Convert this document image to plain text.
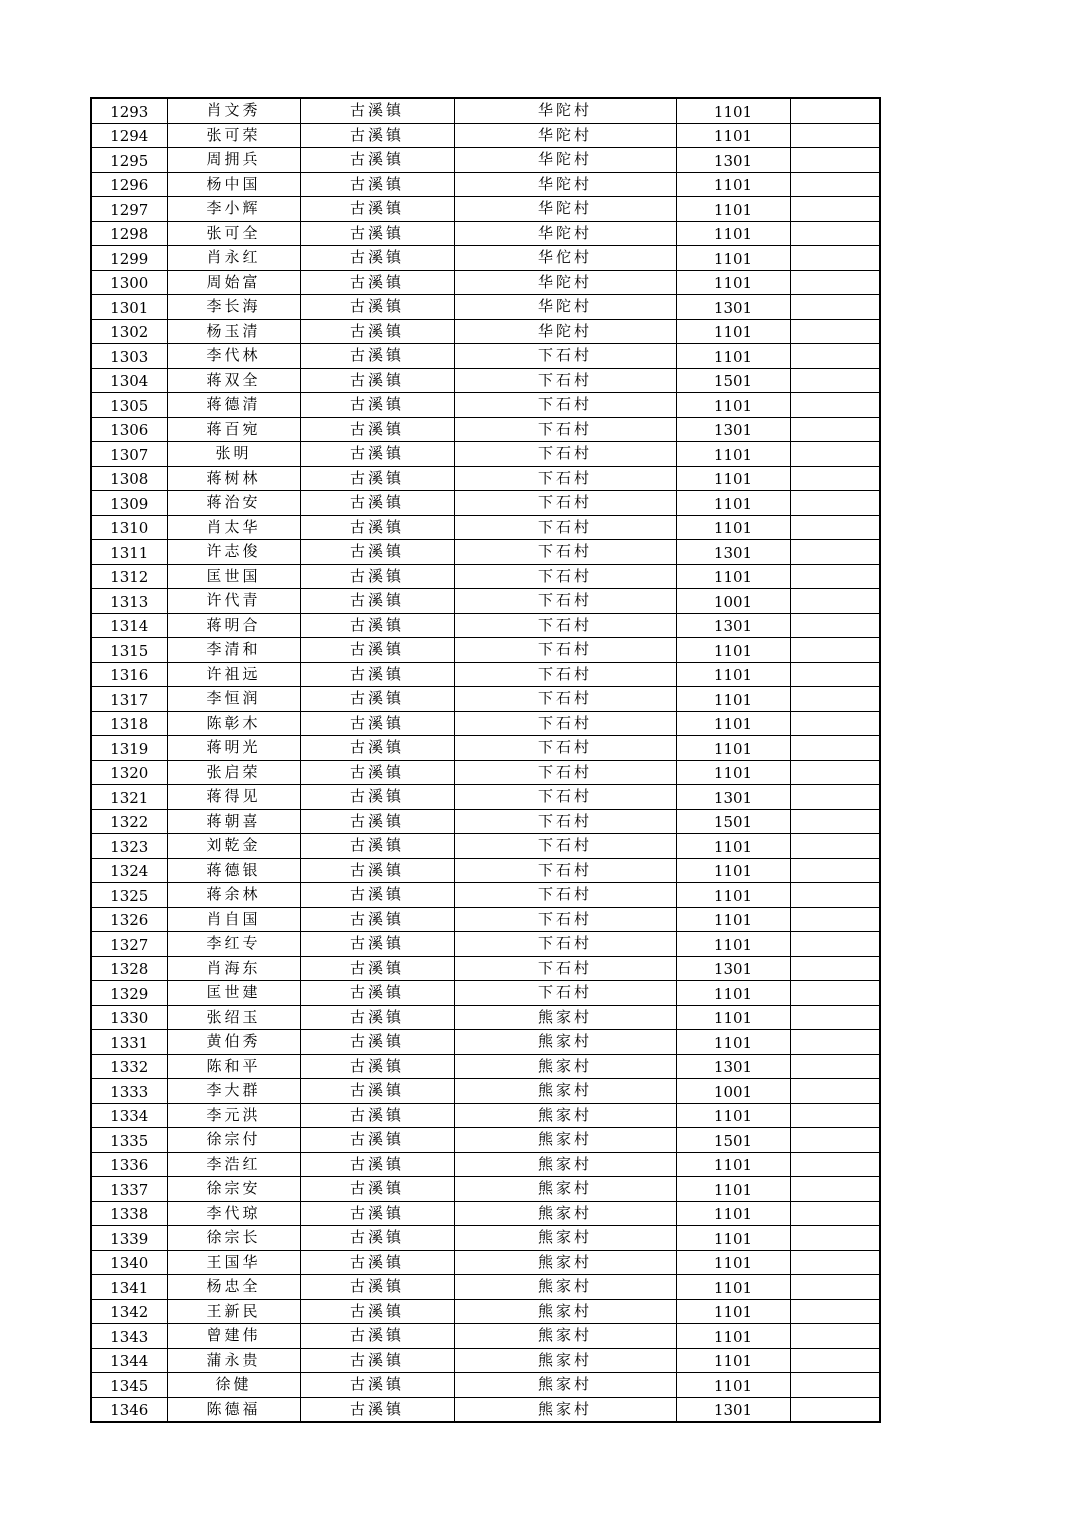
1293	肖文秀	古溪镇	华陀村	1101	
1294	张可荣	古溪镇	华陀村	1101	
1295	周拥兵	古溪镇	华陀村	1301	
1296	杨中国	古溪镇	华陀村	1101	
1297	李小辉	古溪镇	华陀村	1101	
1298	张可全	古溪镇	华陀村	1101	
1299	肖永红	古溪镇	华佗村	1101	
1300	周始富	古溪镇	华陀村	1101	
1301	李长海	古溪镇	华陀村	1301	
1302	杨玉清	古溪镇	华陀村	1101	
1303	李代林	古溪镇	下石村	1101	
1304	蒋双全	古溪镇	下石村	1501	
1305	蒋德清	古溪镇	下石村	1101	
1306	蒋百宛	古溪镇	下石村	1301	
1307	张明	古溪镇	下石村	1101	
1308	蒋树林	古溪镇	下石村	1101	
1309	蒋治安	古溪镇	下石村	1101	
1310	肖太华	古溪镇	下石村	1101	
1311	许志俊	古溪镇	下石村	1301	
1312	匡世国	古溪镇	下石村	1101	
1313	许代青	古溪镇	下石村	1001	
1314	蒋明合	古溪镇	下石村	1301	
1315	李清和	古溪镇	下石村	1101	
1316	许祖远	古溪镇	下石村	1101	
1317	李恒润	古溪镇	下石村	1101	
1318	陈彰木	古溪镇	下石村	1101	
1319	蒋明光	古溪镇	下石村	1101	
1320	张启荣	古溪镇	下石村	1101	
1321	蒋得见	古溪镇	下石村	1301	
1322	蒋朝喜	古溪镇	下石村	1501	
1323	刘乾金	古溪镇	下石村	1101	
1324	蒋德银	古溪镇	下石村	1101	
1325	蒋余林	古溪镇	下石村	1101	
1326	肖自国	古溪镇	下石村	1101	
1327	李红专	古溪镇	下石村	1101	
1328	肖海东	古溪镇	下石村	1301	
1329	匡世建	古溪镇	下石村	1101	
1330	张绍玉	古溪镇	熊家村	1101	
1331	黄伯秀	古溪镇	熊家村	1101	
1332	陈和平	古溪镇	熊家村	1301	
1333	李大群	古溪镇	熊家村	1001	
1334	李元洪	古溪镇	熊家村	1101	
1335	徐宗付	古溪镇	熊家村	1501	
1336	李浩红	古溪镇	熊家村	1101	
1337	徐宗安	古溪镇	熊家村	1101	
1338	李代琼	古溪镇	熊家村	1101	
1339	徐宗长	古溪镇	熊家村	1101	
1340	王国华	古溪镇	熊家村	1101	
1341	杨忠全	古溪镇	熊家村	1101	
1342	王新民	古溪镇	熊家村	1101	
1343	曾建伟	古溪镇	熊家村	1101	
1344	蒲永贵	古溪镇	熊家村	1101	
1345	徐健	古溪镇	熊家村	1101	
1346	陈德福	古溪镇	熊家村	1301	
